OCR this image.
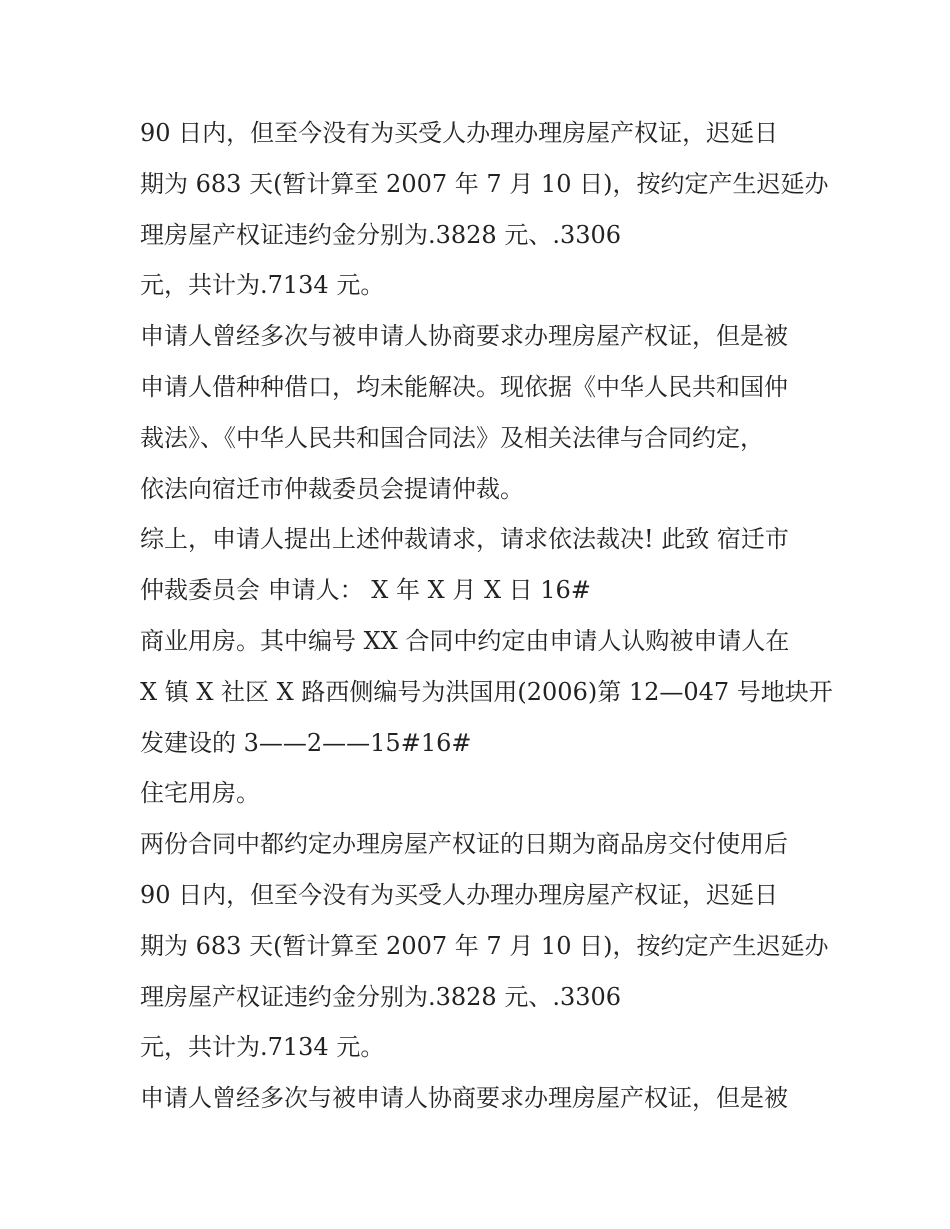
90 日内，但至今没有为买受人办理办理房屋产权证，迟延日

期为 683 天(暂计算至 2007 年 7 月 10 日)，按约定产生迟延办

理房屋产权证违约金分别为.3828 元、.3306

元，共计为.7134 元。

申请人曾经多次与被申请人协商要求办理房屋产权证，但是被

申请人借种种借口，均未能解决。现依据《中华人民共和国仲

裁法》、《中华人民共和国合同法》及相关法律与合同约定，

依法向宿迁市仲裁委员会提请仲裁。

综上，申请人提出上述仲裁请求，请求依法裁决! 此致 宿迁市

仲裁委员会 申请人： X 年 X 月 X 日 16#

商业用房。其中编号 XX 合同中约定由申请人认购被申请人在

X 镇 X 社区 X 路西侧编号为洪国用(2006)第 12—047 号地块开

发建设的 3——2——15#16#

住宅用房。

两份合同中都约定办理房屋产权证的日期为商品房交付使用后

90 日内，但至今没有为买受人办理办理房屋产权证，迟延日

期为 683 天(暂计算至 2007 年 7 月 10 日)，按约定产生迟延办

理房屋产权证违约金分别为.3828 元、.3306

元，共计为.7134 元。

申请人曾经多次与被申请人协商要求办理房屋产权证，但是被
